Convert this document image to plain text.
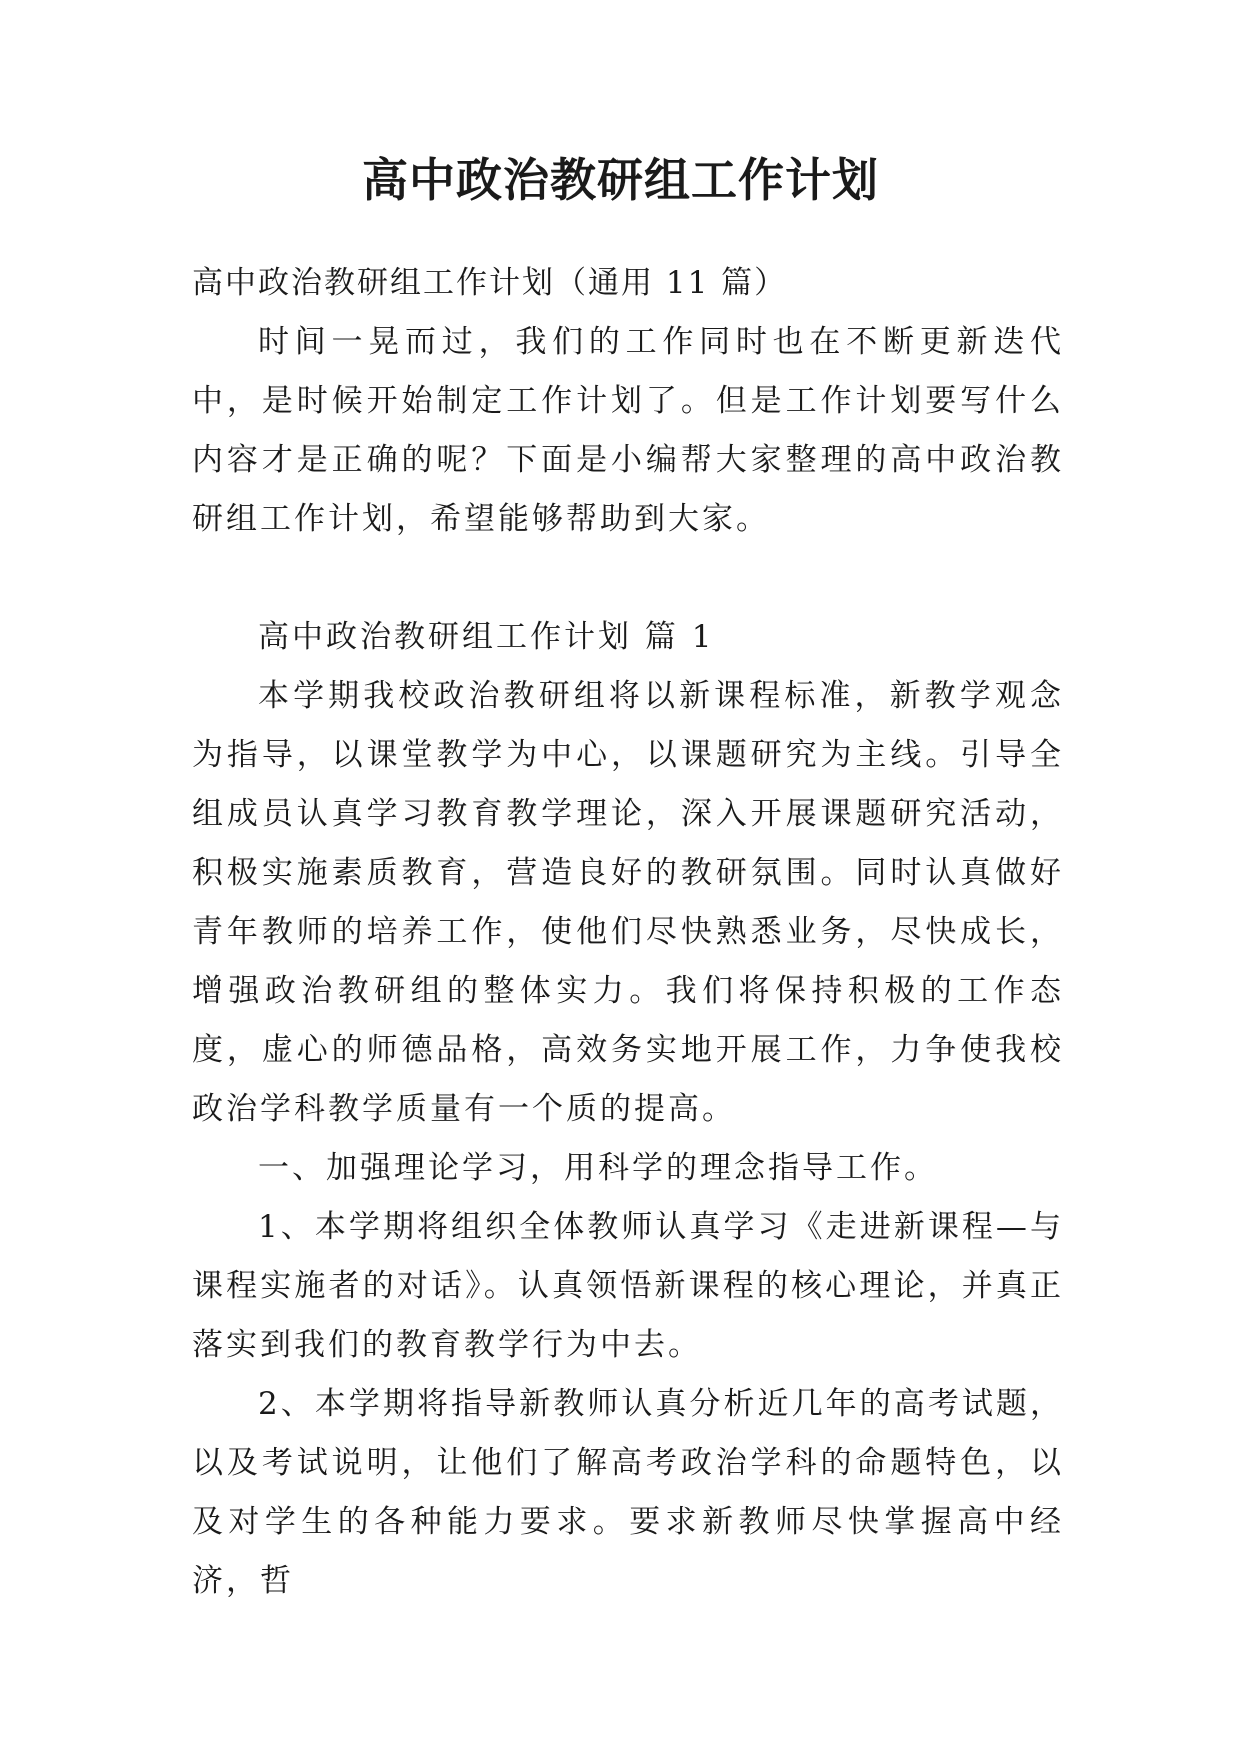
高中政治教研组工作计划

高中政治教研组工作计划（通用 11 篇）

时间一晃而过，我们的工作同时也在不断更新迭代中，是时候开始制定工作计划了。但是工作计划要写什么内容才是正确的呢？下面是小编帮大家整理的高中政治教研组工作计划，希望能够帮助到大家。

高中政治教研组工作计划 篇 1

本学期我校政治教研组将以新课程标准，新教学观念为指导，以课堂教学为中心，以课题研究为主线。引导全组成员认真学习教育教学理论，深入开展课题研究活动，积极实施素质教育，营造良好的教研氛围。同时认真做好青年教师的培养工作，使他们尽快熟悉业务，尽快成长，增强政治教研组的整体实力。我们将保持积极的工作态度，虚心的师德品格，高效务实地开展工作，力争使我校政治学科教学质量有一个质的提高。

一、加强理论学习，用科学的理念指导工作。

1、本学期将组织全体教师认真学习《走进新课程—与课程实施者的对话》。认真领悟新课程的核心理论，并真正落实到我们的教育教学行为中去。

2、本学期将指导新教师认真分析近几年的高考试题，以及考试说明，让他们了解高考政治学科的命题特色，以及对学生的各种能力要求。要求新教师尽快掌握高中经济，哲
